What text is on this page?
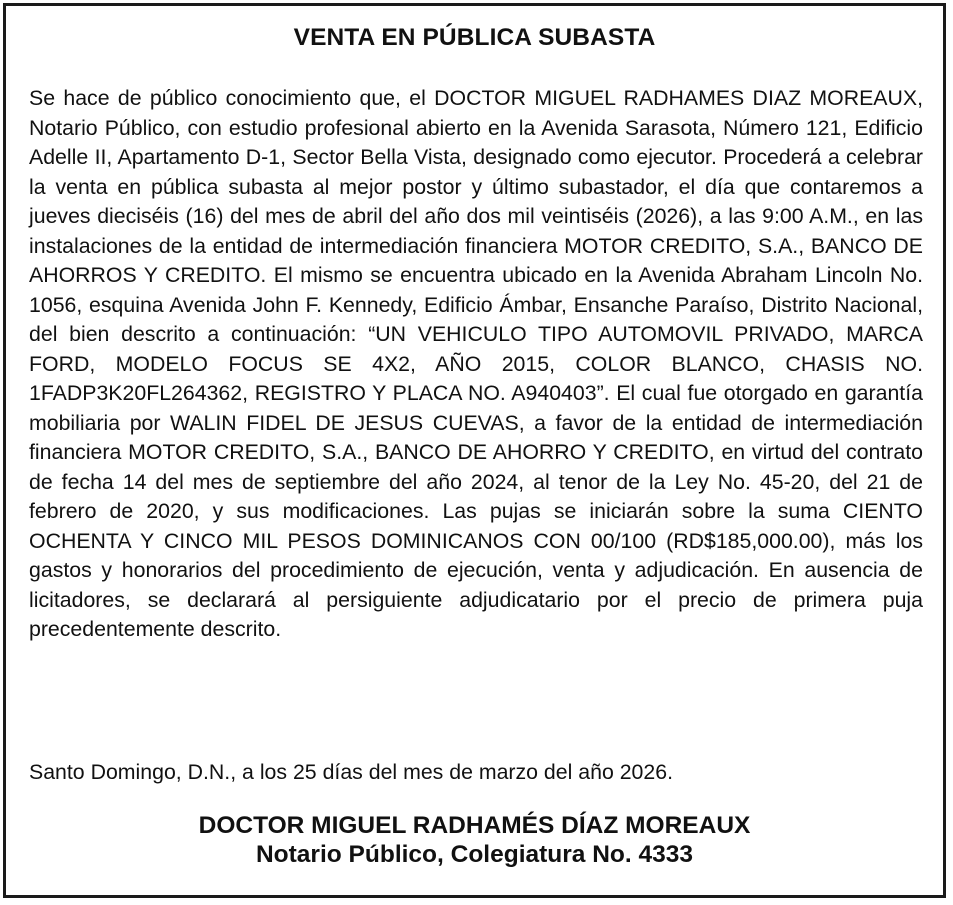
VENTA EN PÚBLICA SUBASTA

Se hace de público conocimiento que, el DOCTOR MIGUEL RADHAMES DIAZ MOREAUX, Notario Público, con estudio profesional abierto en la Avenida Sarasota, Número 121, Edificio Adelle II, Apartamento D-1, Sector Bella Vista, designado como ejecutor. Procederá a celebrar la venta en pública subasta al mejor postor y último subastador, el día que contaremos a jueves dieciséis (16) del mes de abril del año dos mil veintiséis (2026), a las 9:00 A.M., en las instalaciones de la entidad de intermediación financiera MOTOR CREDITO, S.A., BANCO DE AHORROS Y CREDITO. El mismo se encuentra ubicado en la Avenida Abraham Lincoln No. 1056, esquina Avenida John F. Kennedy, Edificio Ámbar, Ensanche Paraíso, Distrito Nacional, del bien descrito a continuación: “UN VEHICULO TIPO AUTOMOVIL PRIVADO, MARCA FORD, MODELO FOCUS SE 4X2, AÑO 2015, COLOR BLANCO, CHASIS NO. 1FADP3K20FL264362, REGISTRO Y PLACA NO. A940403”. El cual fue otorgado en garantía mobiliaria por WALIN FIDEL DE JESUS CUEVAS, a favor de la entidad de intermediación financiera MOTOR CREDITO, S.A., BANCO DE AHORRO Y CREDITO, en virtud del contrato de fecha 14 del mes de septiembre del año 2024, al tenor de la Ley No. 45-20, del 21 de febrero de 2020, y sus modificaciones. Las pujas se iniciarán sobre la suma CIENTO OCHENTA Y CINCO MIL PESOS DOMINICANOS CON 00/100 (RD$185,000.00), más los gastos y honorarios del procedimiento de ejecución, venta y adjudicación. En ausencia de licitadores, se declarará al persiguiente adjudicatario por el precio de primera puja precedentemente descrito.

Santo Domingo, D.N., a los 25 días del mes de marzo del año 2026.

DOCTOR MIGUEL RADHAMÉS DÍAZ MOREAUX
Notario Público, Colegiatura No. 4333
